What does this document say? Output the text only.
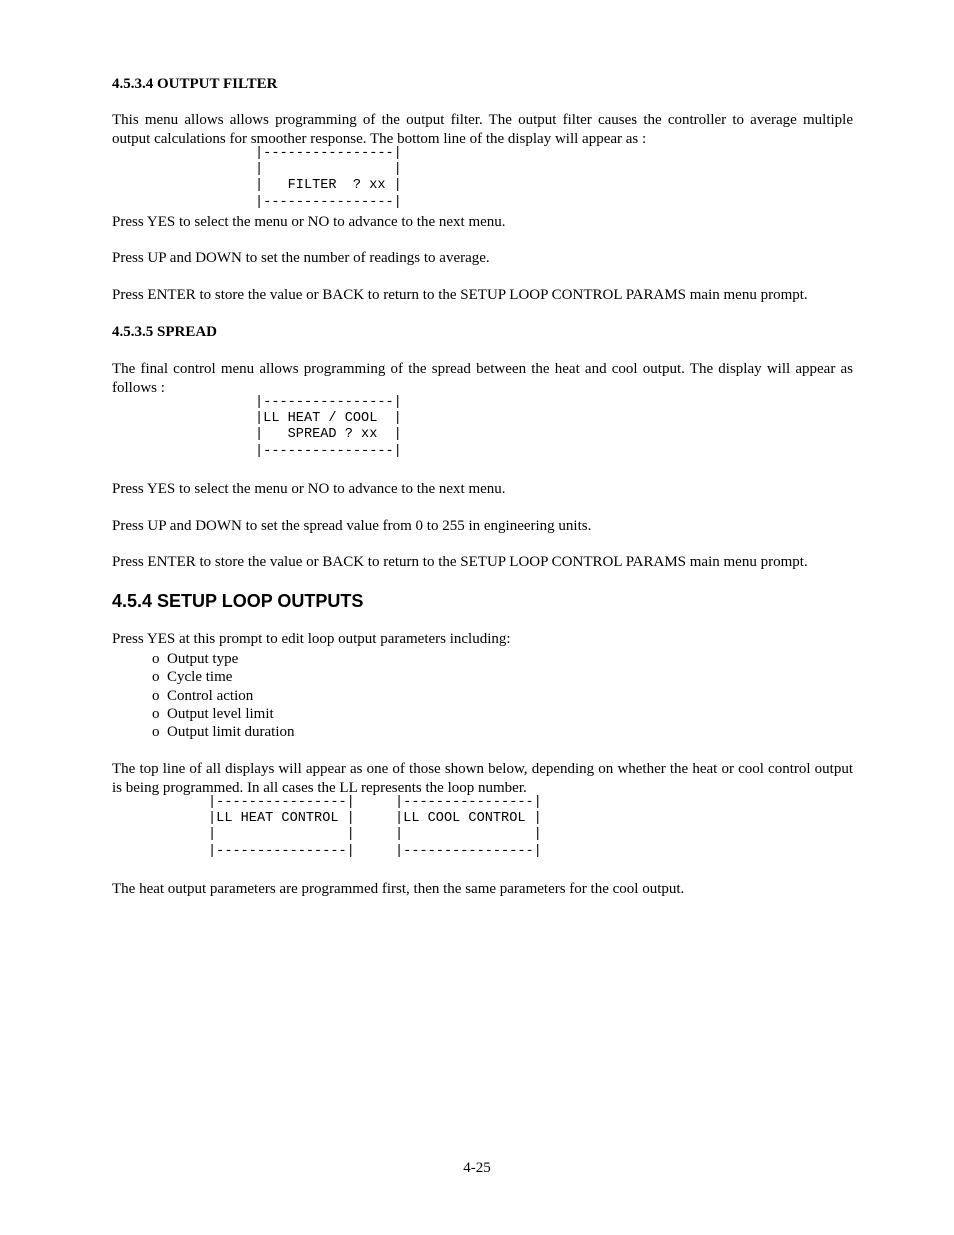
4.5.3.4 OUTPUT FILTER
This menu allows allows programming of the output filter. The output filter causes the controller to average multiple output calculations for smoother response. The bottom line of the display will appear as :
|----------------|
|                |
|   FILTER  ? xx |
|----------------|
Press YES to select the menu or NO to advance to the next menu.
Press UP and DOWN to set the number of readings to average.
Press ENTER to store the value or BACK to return to the SETUP LOOP CONTROL PARAMS main menu prompt.
4.5.3.5 SPREAD
The final control menu allows programming of the spread between the heat and cool output. The display will appear as follows :
|----------------|
|LL HEAT / COOL  |
|   SPREAD ? xx  |
|----------------|
Press YES to select the menu or NO to advance to the next menu.
Press UP and DOWN to set the spread value from 0 to 255 in engineering units.
Press ENTER to store the value or BACK to return to the SETUP LOOP CONTROL PARAMS main menu prompt.
4.5.4 SETUP LOOP OUTPUTS
Press YES at this prompt to edit loop output parameters including:
o Output type
o Cycle time
o Control action
o Output level limit
o Output limit duration
The top line of all displays will appear as one of those shown below, depending on whether the heat or cool control output is being programmed. In all cases the LL represents the loop number.
|----------------|
|LL HEAT CONTROL |
|                |
|----------------|
|----------------|
|LL COOL CONTROL |
|                |
|----------------|
The heat output parameters are programmed first, then the same parameters for the cool output.
4-25
